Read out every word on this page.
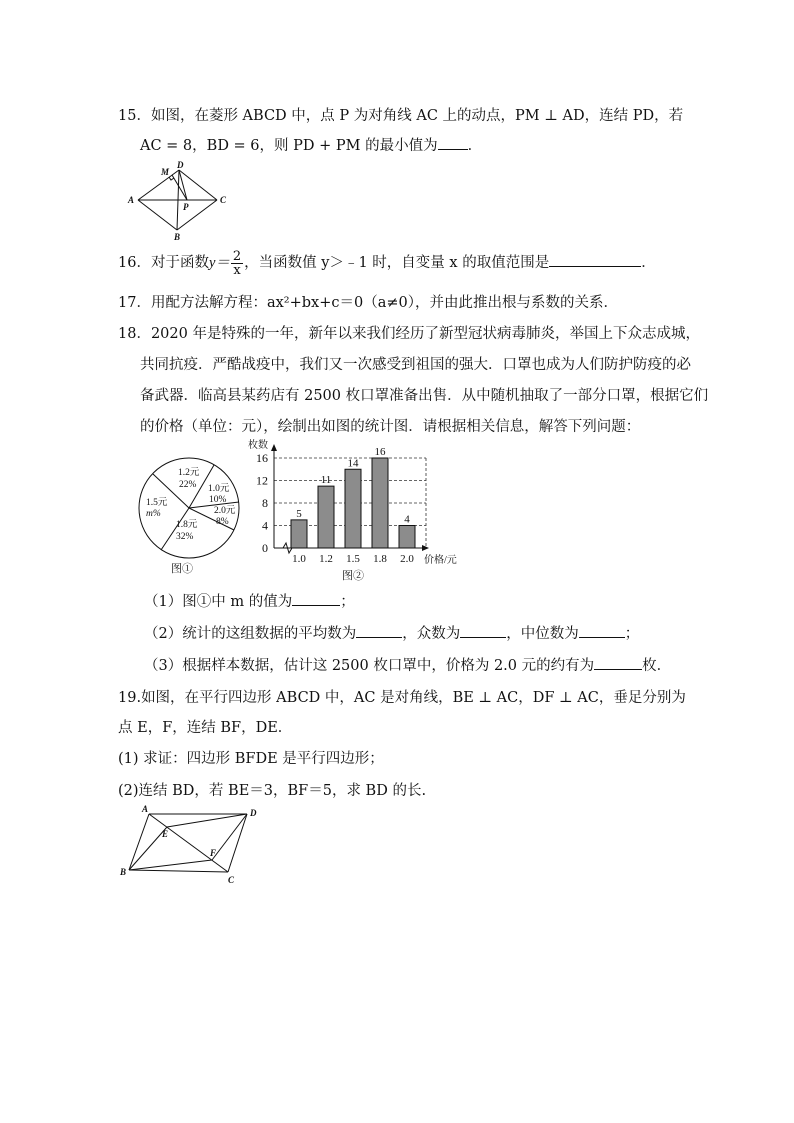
15．如图，在菱形 ABCD 中，点 P 为对角线 AC 上的动点，PM ⊥ AD，连结 PD，若
AC = 8，BD = 6，则 PD + PM 的最小值为 ．
A	C
D
B
M
P
16．对于函数$y= \frac{2}{x}$ ，当函数值 y＞﹣1 时，自变量 x 的取值范围是	．
17．用配方法解方程：ax²+bx+c＝0（a≠0），并由此推出根与系数的关系．
18．2020 年是特殊的一年，新年以来我们经历了新型冠状病毒肺炎，举国上下众志成城，
共同抗疫．严酷战疫中，我们又一次感受到祖国的强大．口罩也成为人们防护防疫的必
备武器．临高县某药店有 2500 枚口罩准备出售．从中随机抽取了一部分口罩，根据它们
的价格（单位：元），绘制出如图的统计图．请根据相关信息，解答下列问题：
1.2元
22% 1.0元
10%
2.0元
8%
1.8元
32%
1.5元
m%
图①
枚数
价格/元
0
4
8
12
16
5
1.0
11
1.2
14
1.5
16
1.8
4
2.0
图②
（1）图①中 m 的值为	；
（2）统计的这组数据的平均数为	，众数为	，中位数为	；
（3）根据样本数据，估计这 2500 枚口罩中，价格为 2.0 元的约有为	枚．
19.如图，在平行四边形 ABCD 中，AC 是对角线，BE ⊥ AC，DF ⊥ AC，垂足分别为
点 E，F，连结 BF，DE．
(1) 求证：四边形 BFDE 是平行四边形；
(2)连结 BD，若 BE＝3，BF＝5，求 BD 的长.
A	D
B
C
E
F
